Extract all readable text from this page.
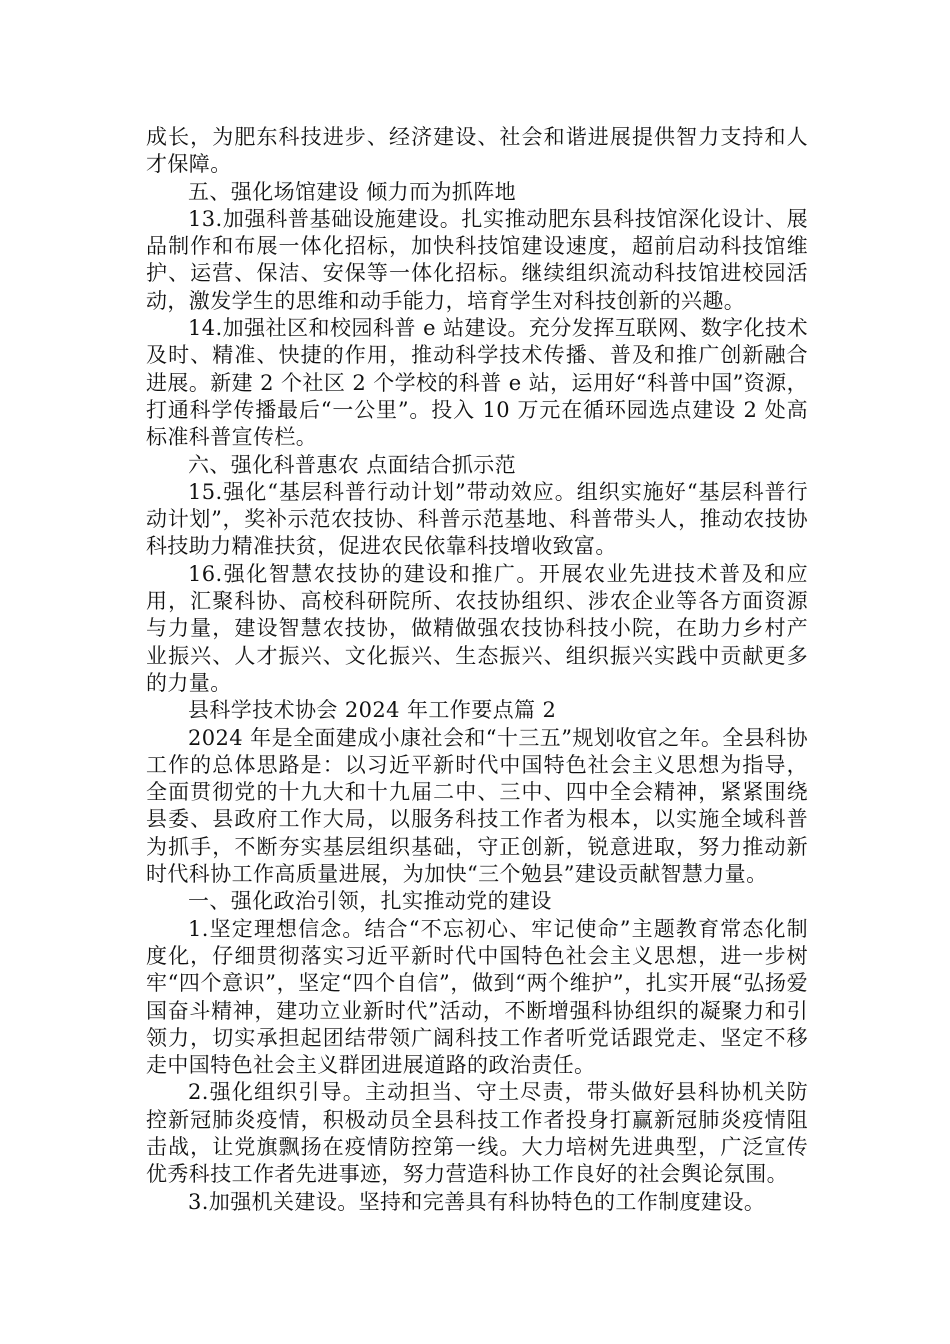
成长，为肥东科技进步、经济建设、社会和谐进展提供智力支持和人才保障。

五、强化场馆建设 倾力而为抓阵地

13.加强科普基础设施建设。扎实推动肥东县科技馆深化设计、展品制作和布展一体化招标，加快科技馆建设速度，超前启动科技馆维护、运营、保洁、安保等一体化招标。继续组织流动科技馆进校园活动，激发学生的思维和动手能力，培育学生对科技创新的兴趣。

14.加强社区和校园科普 e 站建设。充分发挥互联网、数字化技术及时、精准、快捷的作用，推动科学技术传播、普及和推广创新融合进展。新建 2 个社区 2 个学校的科普 e 站，运用好“科普中国”资源，打通科学传播最后“一公里”。投入 10 万元在循环园选点建设 2 处高标准科普宣传栏。

六、强化科普惠农 点面结合抓示范

15.强化“基层科普行动计划”带动效应。组织实施好“基层科普行动计划”，奖补示范农技协、科普示范基地、科普带头人，推动农技协科技助力精准扶贫，促进农民依靠科技增收致富。

16.强化智慧农技协的建设和推广。开展农业先进技术普及和应用，汇聚科协、高校科研院所、农技协组织、涉农企业等各方面资源与力量，建设智慧农技协，做精做强农技协科技小院，在助力乡村产业振兴、人才振兴、文化振兴、生态振兴、组织振兴实践中贡献更多的力量。

县科学技术协会 2024 年工作要点篇 2

2024 年是全面建成小康社会和“十三五”规划收官之年。全县科协工作的总体思路是：以习近平新时代中国特色社会主义思想为指导，全面贯彻党的十九大和十九届二中、三中、四中全会精神，紧紧围绕县委、县政府工作大局，以服务科技工作者为根本，以实施全域科普为抓手，不断夯实基层组织基础，守正创新，锐意进取，努力推动新时代科协工作高质量进展，为加快“三个勉县”建设贡献智慧力量。

一、强化政治引领，扎实推动党的建设

1.坚定理想信念。结合“不忘初心、牢记使命”主题教育常态化制度化，仔细贯彻落实习近平新时代中国特色社会主义思想，进一步树牢“四个意识”，坚定“四个自信”，做到“两个维护”，扎实开展“弘扬爱国奋斗精神，建功立业新时代”活动，不断增强科协组织的凝聚力和引领力，切实承担起团结带领广阔科技工作者听党话跟党走、坚定不移走中国特色社会主义群团进展道路的政治责任。

2.强化组织引导。主动担当、守土尽责，带头做好县科协机关防控新冠肺炎疫情，积极动员全县科技工作者投身打赢新冠肺炎疫情阻击战，让党旗飘扬在疫情防控第一线。大力培树先进典型，广泛宣传优秀科技工作者先进事迹，努力营造科协工作良好的社会舆论氛围。

3.加强机关建设。坚持和完善具有科协特色的工作制度建设。
